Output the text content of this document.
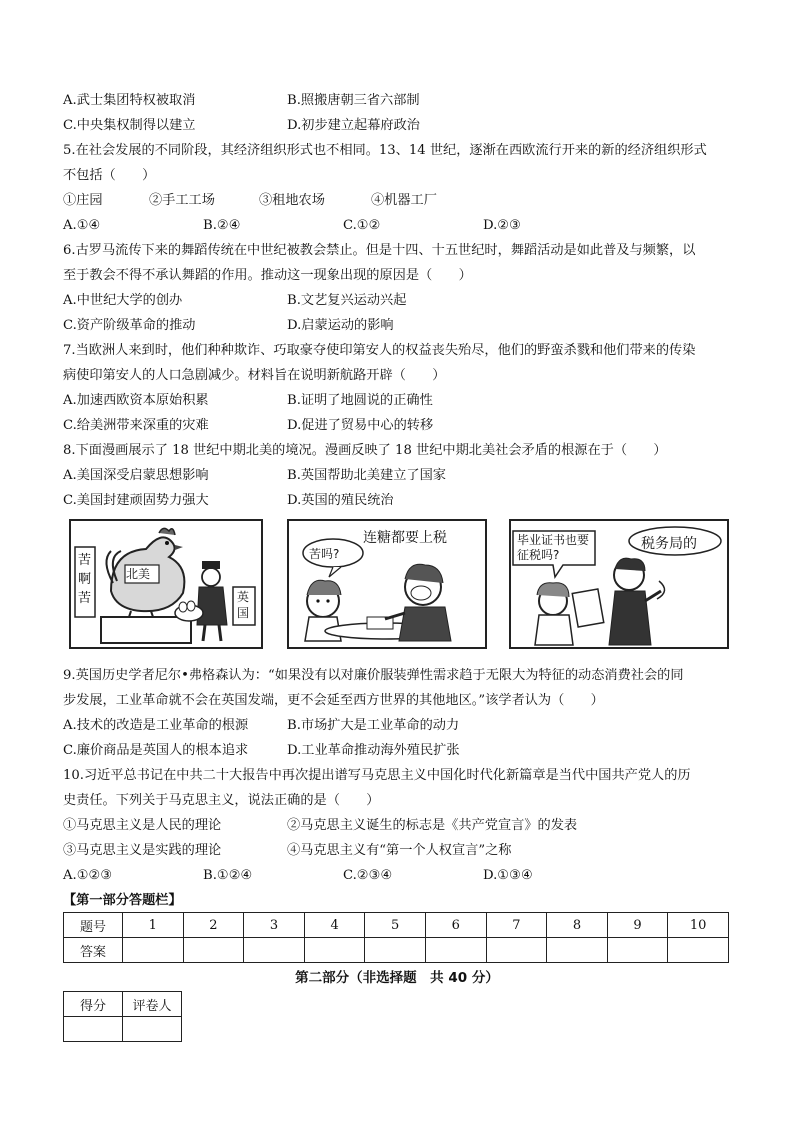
A.武士集团特权被取消	B.照搬唐朝三省六部制
C.中央集权制得以建立	D.初步建立起幕府政治
5.在社会发展的不同阶段，其经济组织形式也不相同。13、14 世纪，逐渐在西欧流行开来的新的经济组织形式
不包括（　　）
①庄园	②手工工场	③租地农场	④机器工厂
A.①④	B.②④	C.①②	D.②③
6.古罗马流传下来的舞蹈传统在中世纪被教会禁止。但是十四、十五世纪时，舞蹈活动是如此普及与频繁，以
至于教会不得不承认舞蹈的作用。推动这一现象出现的原因是（　　）
A.中世纪大学的创办	B.文艺复兴运动兴起
C.资产阶级革命的推动	D.启蒙运动的影响
7.当欧洲人来到时，他们种种欺诈、巧取豪夺使印第安人的权益丧失殆尽，他们的野蛮杀戮和他们带来的传染
病使印第安人的人口急剧减少。材料旨在说明新航路开辟（　　）
A.加速西欧资本原始积累	B.证明了地圆说的正确性
C.给美洲带来深重的灾难	D.促进了贸易中心的转移
8.下面漫画展示了 18 世纪中期北美的境况。漫画反映了 18 世纪中期北美社会矛盾的根源在于（　　）
A.美国深受启蒙思想影响	B.英国帮助北美建立了国家
C.美国封建顽固势力强大	D.英国的殖民统治
苦啊苦
北美
英国
苦吗?
连糖都要上税	毕业证书也要征税吗?
税务局的
9.英国历史学者尼尔•弗格森认为：“如果没有以对廉价服装弹性需求趋于无限大为特征的动态消费社会的同
步发展，工业革命就不会在英国发端，更不会延至西方世界的其他地区。”该学者认为（　　）
A.技术的改造是工业革命的根源	B.市场扩大是工业革命的动力
C.廉价商品是英国人的根本追求	D.工业革命推动海外殖民扩张
10.习近平总书记在中共二十大报告中再次提出谱写马克思主义中国化时代化新篇章是当代中国共产党人的历
史责任。下列关于马克思主义，说法正确的是（　　）
①马克思主义是人民的理论	②马克思主义诞生的标志是《共产党宣言》的发表
③马克思主义是实践的理论	④马克思主义有“第一个人权宣言”之称
A.①②③	B.①②④	C.②③④	D.①③④
【第一部分答题栏】
题号	1	2	3	4	5	6	7	8	9	10
答案										
第二部分（非选择题　共 40 分）
得分	评卷人
